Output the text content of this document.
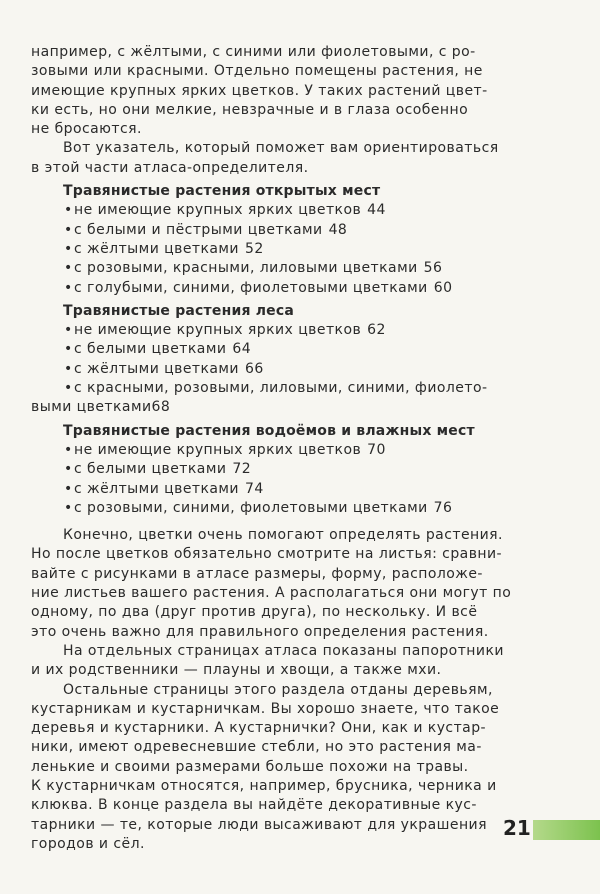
например, с жёлтыми, с синими или фиолетовыми, с ро-

зовыми или красными. Отдельно помещены растения, не

имеющие крупных ярких цветков. У таких растений цвет-

ки есть, но они мелкие, невзрачные и в глаза особенно

не бросаются.

Вот указатель, который поможет вам ориентироваться

в этой части атласа-определителя.

Травянистые растения открытых мест
•не имеющие крупных ярких цветков 44
•с белыми и пёстрыми цветками 48
•с жёлтыми цветками 52
•с розовыми, красными, лиловыми цветками 56
•с голубыми, синими, фиолетовыми цветками 60
Травянистые растения леса
•не имеющие крупных ярких цветков 62
•с белыми цветками 64
•с жёлтыми цветками 66
•с красными, розовыми, лиловыми, синими, фиолето-

выми цветками68

Травянистые растения водоёмов и влажных мест
•не имеющие крупных ярких цветков 70
•с белыми цветками 72
•с жёлтыми цветками 74
•с розовыми, синими, фиолетовыми цветками 76

Конечно, цветки очень помогают определять растения.

Но после цветков обязательно смотрите на листья: сравни-

вайте с рисунками в атласе размеры, форму, расположе-

ние листьев вашего растения. А располагаться они могут по

одному, по два (друг против друга), по нескольку. И всё

это очень важно для правильного определения растения.

На отдельных страницах атласа показаны папоротники

и их родственники — плауны и хвощи, а также мхи.

Остальные страницы этого раздела отданы деревьям,

кустарникам и кустарничкам. Вы хорошо знаете, что такое

деревья и кустарники. А кустарнички? Они, как и кустар-

ники, имеют одревесневшие стебли, но это растения ма-

ленькие и своими размерами больше похожи на травы.

К кустарничкам относятся, например, брусника, черника и

клюква. В конце раздела вы найдёте декоративные кус-

тарники — те, которые люди высаживают для украшения

городов и сёл.

21
